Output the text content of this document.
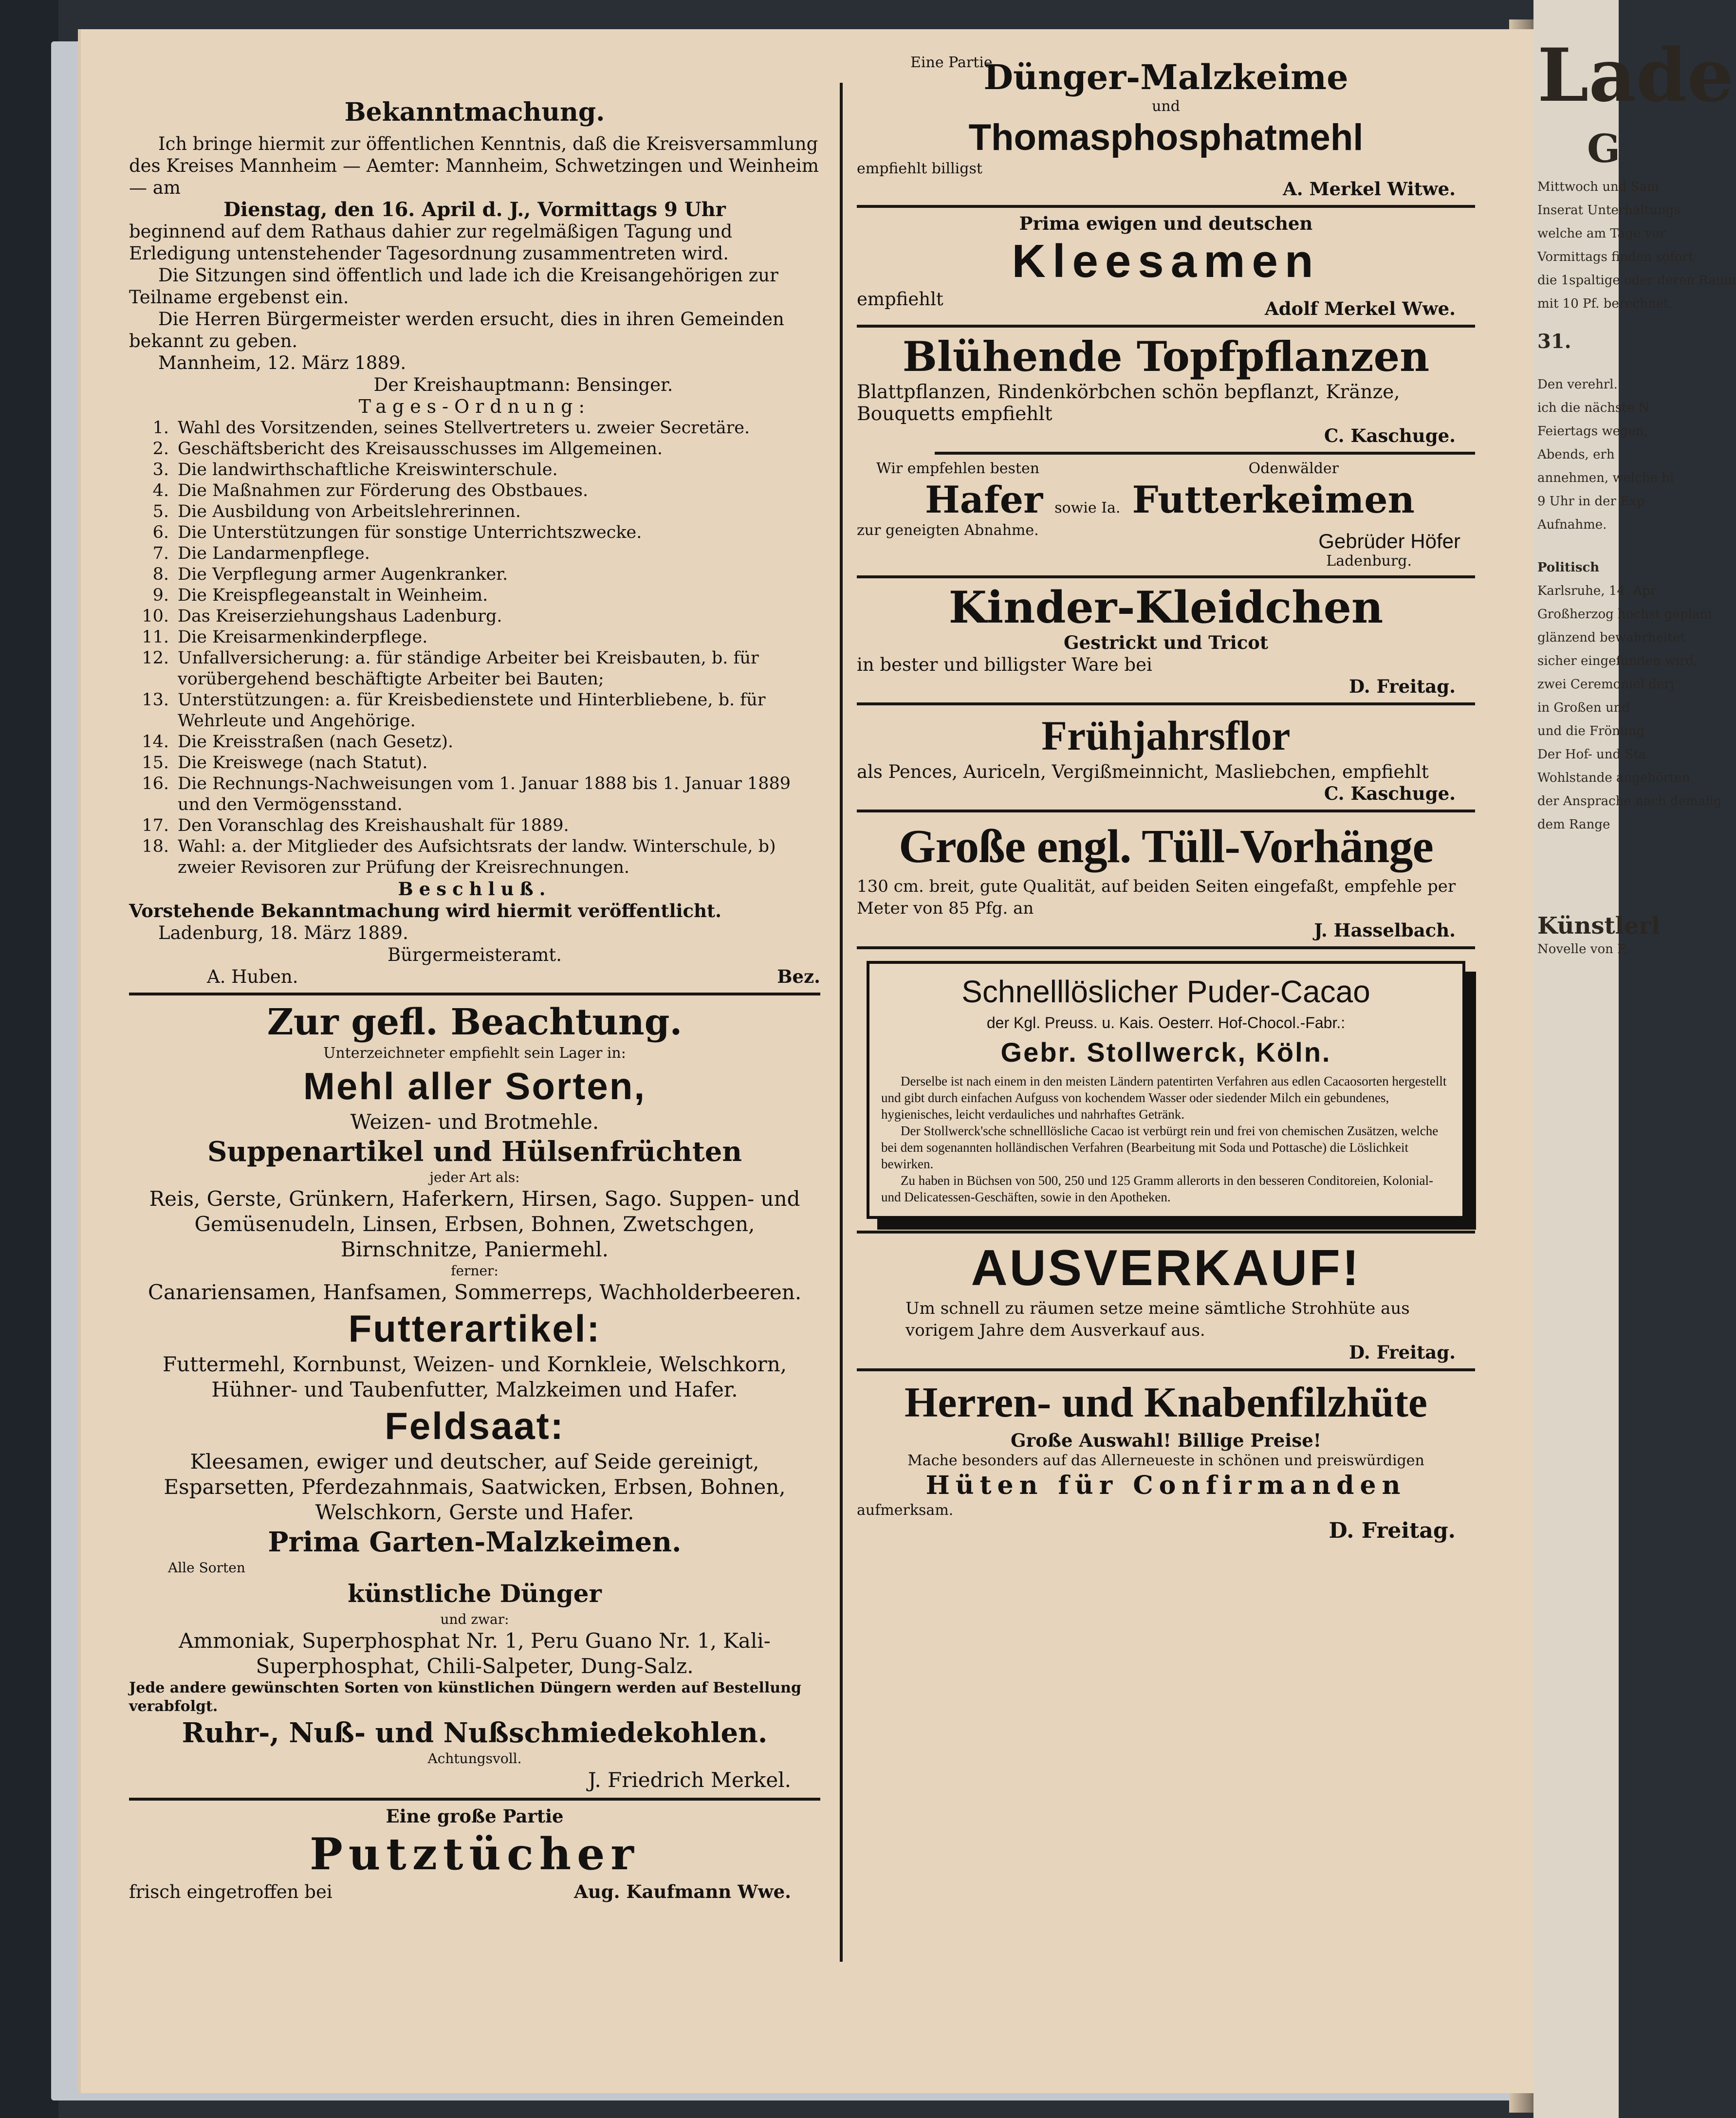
Bekanntmachung.

Ich bringe hiermit zur öffentlichen Kenntnis, daß die Kreisversammlung des Kreises Mannheim — Aemter: Mannheim, Schwetzingen und Weinheim — am

Dienstag, den 16. April d. J., Vormittags 9 Uhr

beginnend auf dem Rathaus dahier zur regelmäßigen Tagung und Erledigung untenstehender Tagesordnung zusammentreten wird.

Die Sitzungen sind öffentlich und lade ich die Kreisangehörigen zur Teilname ergebenst ein.

Die Herren Bürgermeister werden ersucht, dies in ihren Gemeinden bekannt zu geben.

Mannheim, 12. März 1889.

Der Kreishauptmann: Bensinger.

Tages-Ordnung:

1. Wahl des Vorsitzenden, seines Stellvertreters u. zweier Secretäre.
2. Geschäftsbericht des Kreisausschusses im Allgemeinen.
3. Die landwirthschaftliche Kreiswinterschule.
4. Die Maßnahmen zur Förderung des Obstbaues.
5. Die Ausbildung von Arbeitslehrerinnen.
6. Die Unterstützungen für sonstige Unterrichtszwecke.
7. Die Landarmenpflege.
8. Die Verpflegung armer Augenkranker.
9. Die Kreispflegeanstalt in Weinheim.
10. Das Kreiserziehungshaus Ladenburg.
11. Die Kreisarmenkinderpflege.
12. Unfallversicherung: a. für ständige Arbeiter bei Kreisbauten, b. für vorübergehend beschäftigte Arbeiter bei Bauten;
13. Unterstützungen: a. für Kreisbedienstete und Hinterbliebene, b. für Wehrleute und Angehörige.
14. Die Kreisstraßen (nach Gesetz).
15. Die Kreiswege (nach Statut).
16. Die Rechnungs-Nachweisungen vom 1. Januar 1888 bis 1. Januar 1889 und den Vermögensstand.
17. Den Voranschlag des Kreishaushalt für 1889.
18. Wahl: a. der Mitglieder des Aufsichtsrats der landw. Winterschule, b) zweier Revisoren zur Prüfung der Kreisrechnungen.

Beschluß.

Vorstehende Bekanntmachung wird hiermit veröffentlicht.

Ladenburg, 18. März 1889.

Bürgermeisteramt.

A. Huben.	Bez.

Zur gefl. Beachtung.

Unterzeichneter empfiehlt sein Lager in:

Mehl aller Sorten,

Weizen- und Brotmehle.

Suppenartikel und Hülsenfrüchten

jeder Art als:

Reis, Gerste, Grünkern, Haferkern, Hirsen, Sago. Suppen- und Gemüsenudeln, Linsen, Erbsen, Bohnen, Zwetschgen, Birnschnitze, Paniermehl.

ferner:

Canariensamen, Hanfsamen, Sommerreps, Wachholderbeeren.

Futterartikel:

Futtermehl, Kornbunst, Weizen- und Kornkleie, Welschkorn, Hühner- und Taubenfutter, Malzkeimen und Hafer.

Feldsaat:

Kleesamen, ewiger und deutscher, auf Seide gereinigt, Esparsetten, Pferdezahnmais, Saatwicken, Erbsen, Bohnen, Welschkorn, Gerste und Hafer.

Prima Garten-Malzkeimen.

Alle Sorten

künstliche Dünger

und zwar:

Ammoniak, Superphosphat Nr. 1, Peru Guano Nr. 1, Kali-Superphosphat, Chili-Salpeter, Dung-Salz.

Jede andere gewünschten Sorten von künstlichen Düngern werden auf Bestellung verabfolgt.

Ruhr-, Nuß- und Nußschmiedekohlen.

Achtungsvoll.

J. Friedrich Merkel.

Eine große Partie

Putztücher

frisch eingetroffen bei	Aug. Kaufmann Wwe.

Eine Partie

Dünger-Malzkeime

und

Thomasphosphatmehl

empfiehlt billigst

A. Merkel Witwe.

Prima ewigen und deutschen

Kleesamen

empfiehlt	Adolf Merkel Wwe.

Blühende Topfpflanzen

Blattpflanzen, Rindenkörbchen schön bepflanzt, Kränze, Bouquetts empfiehlt

C. Kaschuge.

Wir empfehlen besten	Odenwälder
Hafer sowie Ia. Futterkeimen
zur geneigten Abnahme.	Gebrüder Höfer

Ladenburg.

Kinder-Kleidchen

Gestrickt und Tricot

in bester und billigster Ware bei

D. Freitag.

Frühjahrsflor

als Pences, Auriceln, Vergißmeinnicht, Masliebchen, empfiehlt

C. Kaschuge.

Große engl. Tüll-Vorhänge

130 cm. breit, gute Qualität, auf beiden Seiten eingefaßt, empfehle per Meter von 85 Pfg. an

J. Hasselbach.

Schnelllöslicher Puder-Cacao

der Kgl. Preuss. u. Kais. Oesterr. Hof-Chocol.-Fabr.:

Gebr. Stollwerck, Köln.

Derselbe ist nach einem in den meisten Ländern patentirten Verfahren aus edlen Cacaosorten hergestellt und gibt durch einfachen Aufguss von kochendem Wasser oder siedender Milch ein gebundenes, hygienisches, leicht verdauliches und nahrhaftes Getränk.

Der Stollwerck'sche schnelllösliche Cacao ist verbürgt rein und frei von chemischen Zusätzen, welche bei dem sogenannten holländischen Verfahren (Bearbeitung mit Soda und Pottasche) die Löslichkeit bewirken.

Zu haben in Büchsen von 500, 250 und 125 Gramm allerorts in den besseren Conditoreien, Kolonial- und Delicatessen-Geschäften, sowie in den Apotheken.

AUSVERKAUF!

Um schnell zu räumen setze meine sämtliche Strohhüte aus vorigem Jahre dem Ausverkauf aus.

D. Freitag.

Herren- und Knabenfilzhüte

Große Auswahl! Billige Preise!

Mache besonders auf das Allerneueste in schönen und preiswürdigen

Hüten für Confirmanden

aufmerksam.

D. Freitag.

Lade
G
Mittwoch und Sam
Inserat Unterhaltungs
welche am Tage vor
Vormittags finden sofort
die 1spaltige oder deren Raum
mit 10 Pf. berechnet.
31.
Den verehrl.
ich die nächste N
Feiertags wegen,
Abends, erh
annehmen, welche bi
9 Uhr in der Exp
Aufnahme.
Politisch
Karlsruhe, 14. Apr
Großherzog hochst geplant
glänzend bewahrheitet
sicher eingefunden wird,
zwei Ceremoniel derj
in Großen und
und die Frönung
Der Hof- und Sta
Wohlstande angehörten
der Ansprache nach demalig
dem Range
Künstlerl
Novelle von F.
